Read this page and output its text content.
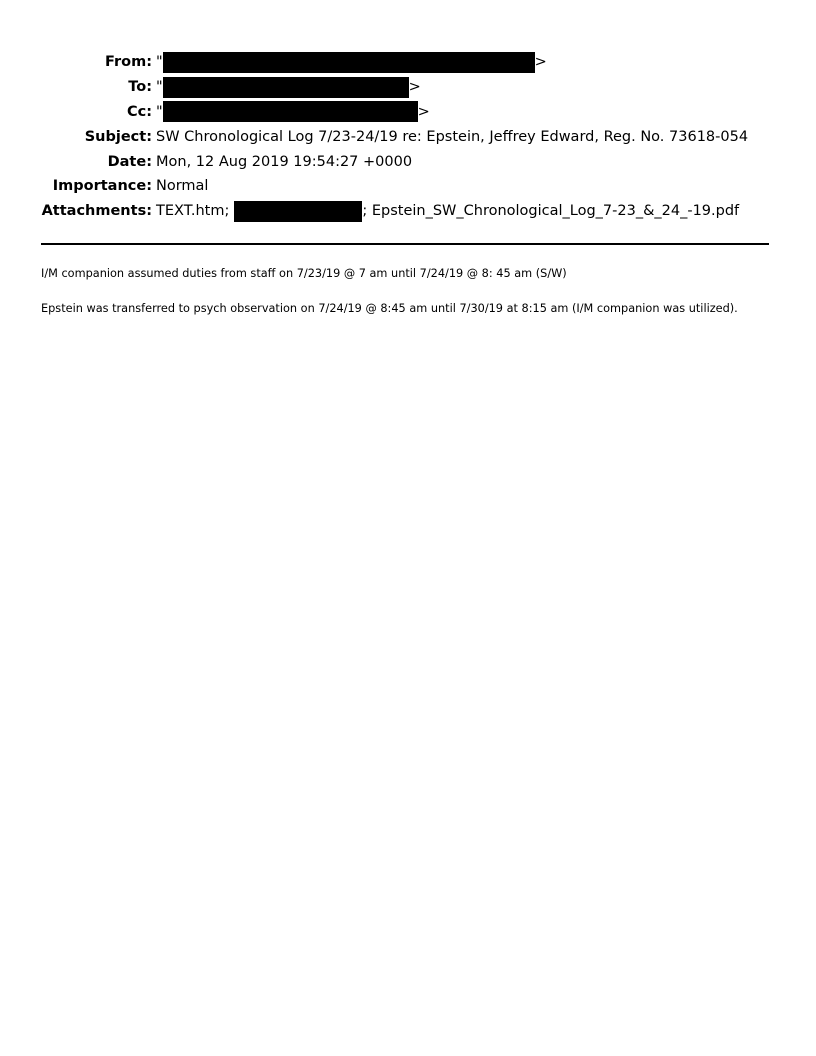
From: "	>
To: "	>
Cc: "	>
Subject: SW Chronological Log 7/23-24/19 re: Epstein, Jeffrey Edward, Reg. No. 73618-054
Date: Mon, 12 Aug 2019 19:54:27 +0000
Importance: Normal
Attachments: TEXT.htm;	; Epstein_SW_Chronological_Log_7-23_&_24_-19.pdf
I/M companion assumed duties from staff on 7/23/19 @ 7 am until 7/24/19 @ 8: 45 am (S/W)
Epstein was transferred to psych observation on 7/24/19 @ 8:45 am until 7/30/19 at 8:15 am (I/M companion was utilized).
